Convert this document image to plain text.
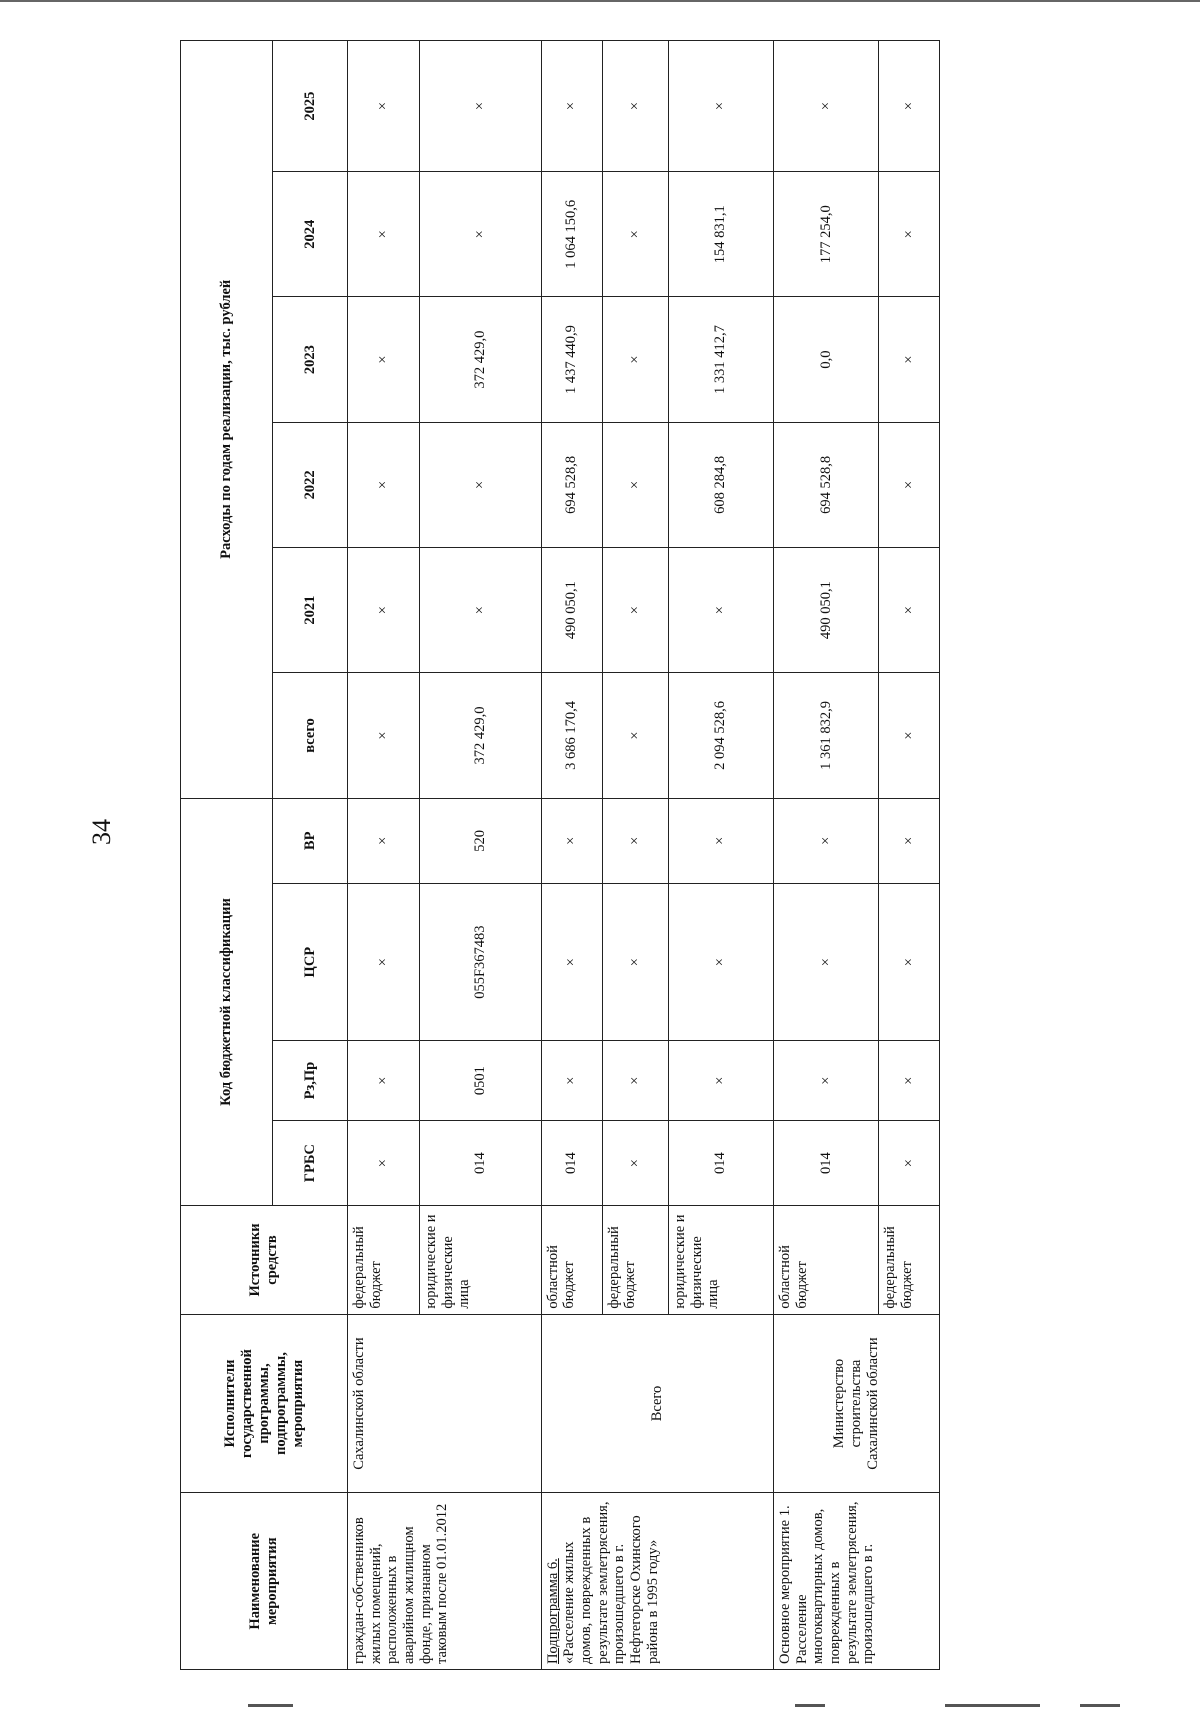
34
Наименование мероприятия	Исполнители государственной программы, подпрограммы, мероприятия	Источники средств	Код бюджетной классификации				Расходы по годам реализации, тыс. рублей					
			ГРБС	Рз,Пр	ЦСР	ВР	всего	2021	2022	2023	2024	2025
граждан-собственников жилых помещений, расположенных в аварийном жилищном фонде, признанном таковым после 01.01.2012	Сахалинской области	федеральный бюджет	×	×	×	×	×	×	×	×	×	×
		юридические и физические лица	014	0501	055F367483	520	372 429,0	×	×	372 429,0	×	×
Подпрограмма 6. «Расселение жилых домов, поврежденных в результате землетрясения, произошедшего в г. Нефтегорске Охинского района в 1995 году»	Всего	областной бюджет	014	×	×	×	3 686 170,4	490 050,1	694 528,8	1 437 440,9	1 064 150,6	×
		федеральный бюджет	×	×	×	×	×	×	×	×	×	×
		юридические и физические лица	014	×	×	×	2 094 528,6	×	608 284,8	1 331 412,7	154 831,1	×
Основное мероприятие 1. Расселение многоквартирных домов, поврежденных в результате землетрясения, произошедшего в г.	Министерство строительства Сахалинской области	областной бюджет	014	×	×	×	1 361 832,9	490 050,1	694 528,8	0,0	177 254,0	×
		федеральный бюджет	×	×	×	×	×	×	×	×	×	×
